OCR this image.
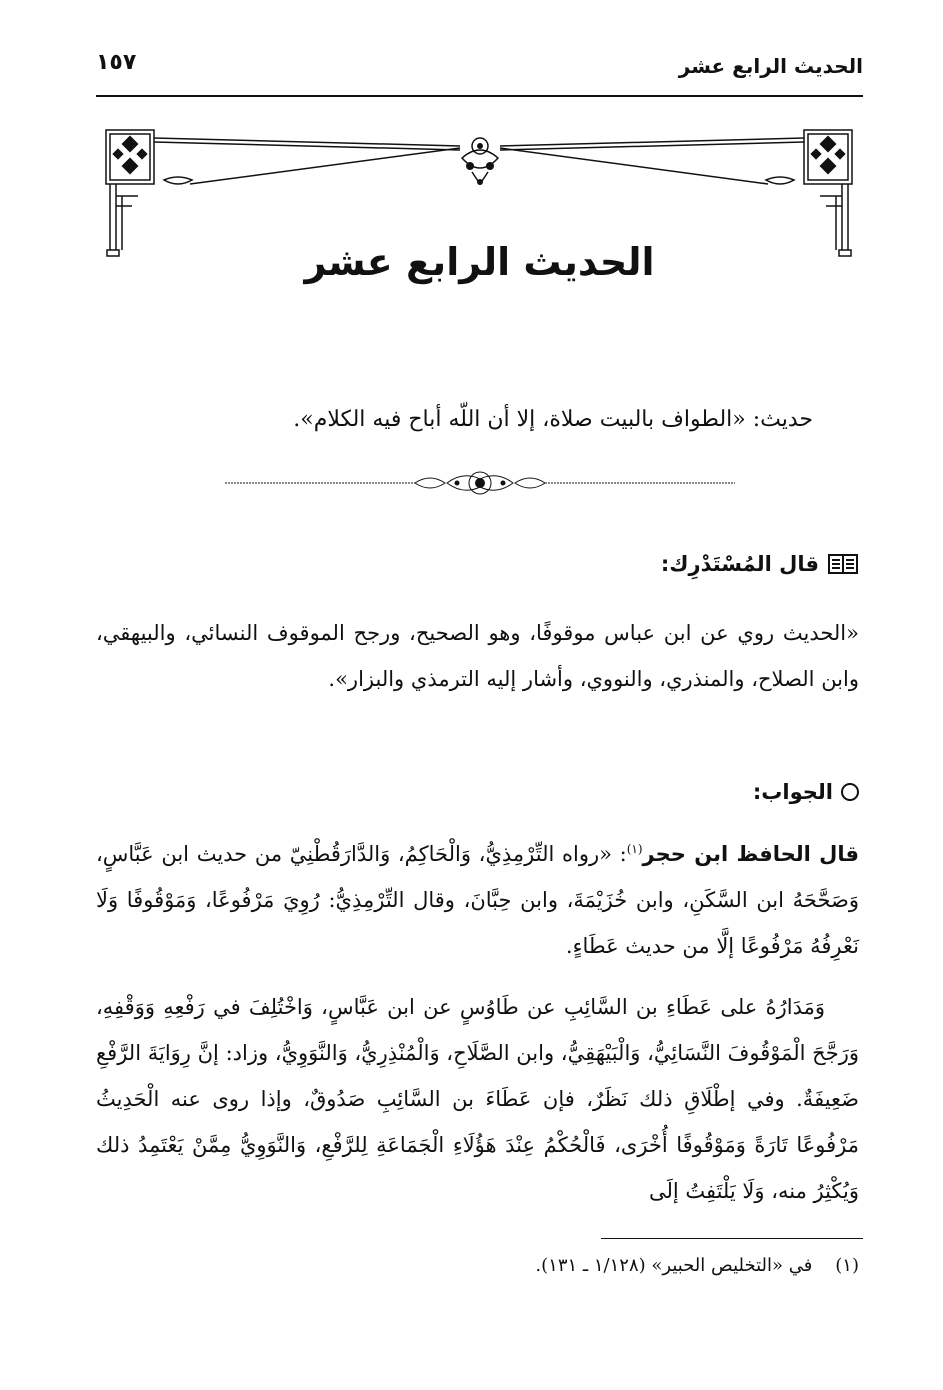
الحديث الرابع عشر
١٥٧
الحديث الرابع عشر
حديث: «الطواف بالبيت صلاة، إلا أن اللّه أباح فيه الكلام».
قال المُسْتَدْرِك:
«الحديث روي عن ابن عباس موقوفًا، وهو الصحيح، ورجح الموقوف النسائي، والبيهقي، وابن الصلاح، والمنذري، والنووي، وأشار إليه الترمذي والبزار».
الجواب:
قال الحافظ ابن حجر$^{(١)}$: «رواه التِّرْمِذِيُّ، وَالْحَاكِمُ، وَالدَّارَقُطْنِيّ من حديث ابن عَبَّاسٍ، وَصَحَّحَهُ ابن السَّكَنِ، وابن خُزَيْمَةَ، وابن حِبَّانَ، وقال التِّرْمِذِيُّ: رُوِيَ مَرْفُوعًا، وَمَوْقُوفًا وَلَا نَعْرِفُهُ مَرْفُوعًا إلَّا من حديث عَطَاءٍ.
وَمَدَارُهُ على عَطَاءِ بن السَّائِبِ عن طَاوُسٍ عن ابن عَبَّاسٍ، وَاخْتُلِفَ في رَفْعِهِ وَوَقْفِهِ، وَرَجَّحَ الْمَوْقُوفَ النَّسَائِيُّ، وَالْبَيْهَقِيُّ، وابن الصَّلَاحِ، وَالْمُنْذِرِيُّ، وَالنَّوَوِيُّ، وزاد: إنَّ رِوَايَةَ الرَّفْعِ ضَعِيفَةٌ. وفي إطْلَاقِ ذلك نَظَرٌ، فإن عَطَاءَ بن السَّائِبِ صَدُوقٌ، وإذا روى عنه الْحَدِيثُ مَرْفُوعًا تَارَةً وَمَوْقُوفًا أُخْرَى، فَالْحُكْمُ عِنْدَ هَؤُلَاءِ الْجَمَاعَةِ لِلرَّفْعِ، وَالنَّوَوِيُّ مِمَّنْ يَعْتَمِدُ ذلك وَيُكْثِرُ منه، وَلَا يَلْتَفِتُ إلَى
(١)    في «التخليص الحبير» (١/١٢٨ ـ ١٣١).
